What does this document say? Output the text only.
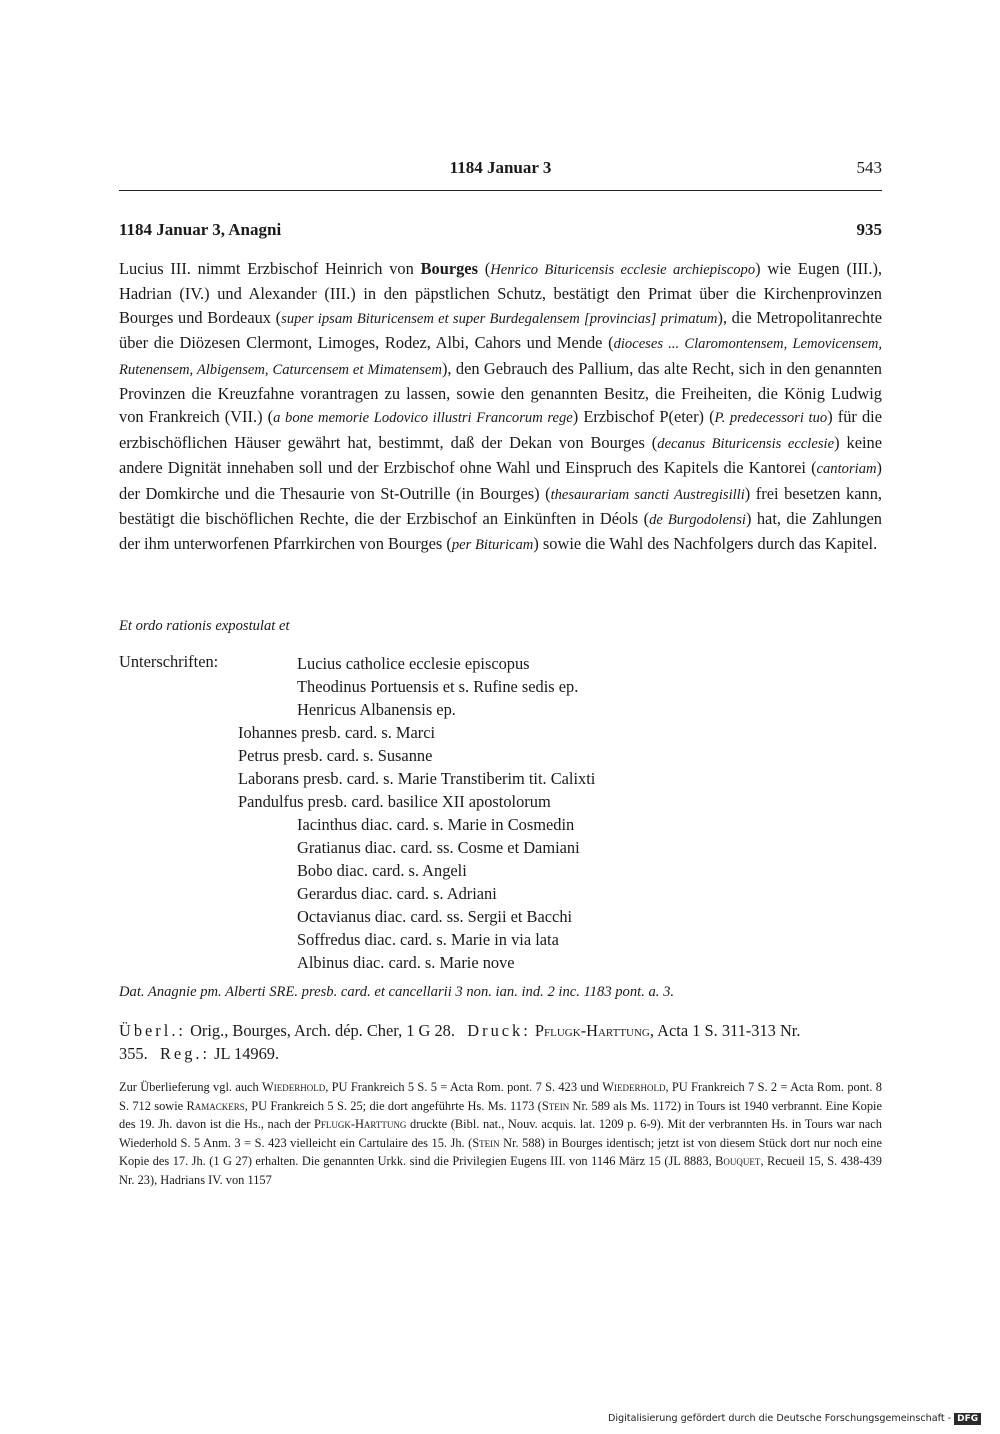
1184 Januar 3	543
1184 Januar 3, Anagni	935
Lucius III. nimmt Erzbischof Heinrich von Bourges (Henrico Bituricensis ecclesie archiepiscopo) wie Eugen (III.), Hadrian (IV.) und Alexander (III.) in den päpstlichen Schutz, bestätigt den Primat über die Kirchenprovinzen Bourges und Bordeaux (super ipsam Bituricensem et super Burdegalensem [provincias] primatum), die Metropolitanrechte über die Diözesen Clermont, Limoges, Rodez, Albi, Cahors und Mende (dioceses ... Claromontensem, Lemovicensem, Rutenensem, Albigensem, Caturcensem et Mimatensem), den Gebrauch des Pallium, das alte Recht, sich in den genannten Provinzen die Kreuzfahne vorantragen zu lassen, sowie den genannten Besitz, die Freiheiten, die König Ludwig von Frankreich (VII.) (a bone memorie Lodovico illustri Francorum rege) Erzbischof P(eter) (P. predecessori tuo) für die erzbischöflichen Häuser gewährt hat, bestimmt, daß der Dekan von Bourges (decanus Bituricensis ecclesie) keine andere Dignität innehaben soll und der Erzbischof ohne Wahl und Einspruch des Kapitels die Kantorei (cantoriam) der Domkirche und die Thesaurie von St-Outrille (in Bourges) (thesaurariam sancti Austregisilli) frei besetzen kann, bestätigt die bischöflichen Rechte, die der Erzbischof an Einkünften in Déols (de Burgodolensi) hat, die Zahlungen der ihm unterworfenen Pfarrkirchen von Bourges (per Bituricam) sowie die Wahl des Nachfolgers durch das Kapitel.
Et ordo rationis expostulat et
Unterschriften:	Lucius catholice ecclesie episcopus
Theodinus Portuensis et s. Rufine sedis ep.
Henricus Albanensis ep.
Iohannes presb. card. s. Marci
Petrus presb. card. s. Susanne
Laborans presb. card. s. Marie Transtiberim tit. Calixti
Pandulfus presb. card. basilice XII apostolorum
Iacinthus diac. card. s. Marie in Cosmedin
Gratianus diac. card. ss. Cosme et Damiani
Bobo diac. card. s. Angeli
Gerardus diac. card. s. Adriani
Octavianus diac. card. ss. Sergii et Bacchi
Soffredus diac. card. s. Marie in via lata
Albinus diac. card. s. Marie nove
Dat. Anagnie pm. Alberti SRE. presb. card. et cancellarii 3 non. ian. ind. 2 inc. 1183 pont. a. 3.
Überl.: Orig., Bourges, Arch. dép. Cher, 1 G 28. Druck: Pflugk-Harttung, Acta 1 S. 311-313 Nr. 355. Reg.: JL 14969.
Zur Überlieferung vgl. auch Wiederhold, PU Frankreich 5 S. 5 = Acta Rom. pont. 7 S. 423 und Wiederhold, PU Frankreich 7 S. 2 = Acta Rom. pont. 8 S. 712 sowie Ramackers, PU Frankreich 5 S. 25; die dort angeführte Hs. Ms. 1173 (Stein Nr. 589 als Ms. 1172) in Tours ist 1940 verbrannt. Eine Kopie des 19. Jh. davon ist die Hs., nach der Pflugk-Harttung druckte (Bibl. nat., Nouv. acquis. lat. 1209 p. 6-9). Mit der verbrannten Hs. in Tours war nach Wiederhold S. 5 Anm. 3 = S. 423 vielleicht ein Cartulaire des 15. Jh. (Stein Nr. 588) in Bourges identisch; jetzt ist von diesem Stück dort nur noch eine Kopie des 17. Jh. (1 G 27) erhalten. Die genannten Urkk. sind die Privilegien Eugens III. von 1146 März 15 (JL 8883, Bouquet, Recueil 15, S. 438-439 Nr. 23), Hadrians IV. von 1157
Digitalisierung gefördert durch die Deutsche Forschungsgemeinschaft - DFG
